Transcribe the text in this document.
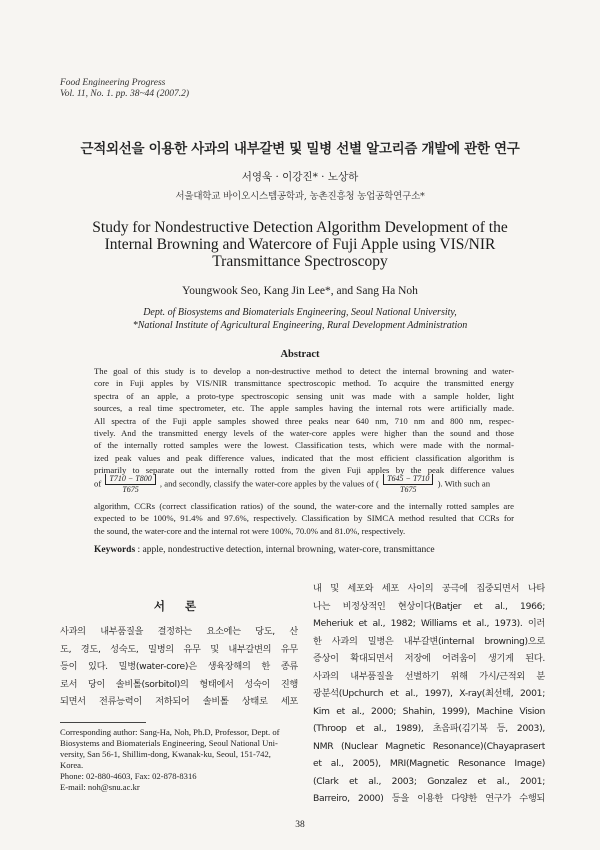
Food Engineering Progress
Vol. 11, No. 1. pp. 38~44 (2007.2)
근적외선을 이용한 사과의 내부갈변 및 밀병 선별 알고리즘 개발에 관한 연구
서영욱 · 이강진* · 노상하
서울대학교 바이오시스템공학과, 농촌진흥청 농업공학연구소*
Study for Nondestructive Detection Algorithm Development of the Internal Browning and Watercore of Fuji Apple using VIS/NIR Transmittance Spectroscopy
Youngwook Seo, Kang Jin Lee*, and Sang Ha Noh
Dept. of Biosystems and Biomaterials Engineering, Seoul National University,
*National Institute of Agricultural Engineering, Rural Development Administration
Abstract
The goal of this study is to develop a non-destructive method to detect the internal browning and water-
core in Fuji apples by VIS/NIR transmittance spectroscopic method. To acquire the transmitted energy
spectra of an apple, a proto-type spectroscopic sensing unit was made with a sample holder, light
sources, a real time spectrometer, etc. The apple samples having the internal rots were artificially made.
All spectra of the Fuji apple samples showed three peaks near 640 nm, 710 nm and 800 nm, respec-
tively. And the transmitted energy levels of the water-core apples were higher than the sound and those
of the internally rotted samples were the lowest. Classification tests, which were made with the normal-
ized peak values and peak difference values, indicated that the most efficient classification algorithm is
primarily to separate out the internally rotted from the given Fuji apples by the peak difference values
of $\frac{T710 - T800}{T675}$ , and secondly, classify the water-core apples by the values of ( $\frac{T645 - T710}{T675}$ ). With such an
algorithm, CCRs (correct classification ratios) of the sound, the water-core and the internally rotted samples are
expected to be 100%, 91.4% and 97.6%, respectively. Classification by SIMCA method resulted that CCRs for
the sound, the water-core and the internal rot were 100%, 70.0% and 81.0%, respectively.
Keywords : apple, nondestructive detection, internal browning, water-core, transmittance
서 론
사과의 내부품질을 결정하는 요소에는 당도, 산
도, 경도, 성숙도, 밀병의 유무 및 내부갈변의 유무
등이 있다. 밀병(water-core)은 생육장해의 한 종류
로서 당이 솔비톨(sorbitol)의 형태에서 성숙이 진행
되면서 전류능력이 저하되어 솔비톨 상태로 세포
Corresponding author: Sang-Ha, Noh, Ph.D, Professor, Dept. of
Biosystems and Biomaterials Engineering, Seoul National Uni-
versity, San 56-1, Shillim-dong, Kwanak-ku, Seoul, 151-742,
Korea.
Phone: 02-880-4603, Fax: 02-878-8316
E-mail: noh@snu.ac.kr
내 및 세포와 세포 사이의 공극에 집중되면서 나타
나는 비정상적인 현상이다(Batjer et al., 1966;
Meheriuk et al., 1982; Williams et al., 1973). 이러
한 사과의 밀병은 내부갈변(internal browning)으로
증상이 확대되면서 저장에 어려움이 생기게 된다.
사과의 내부품질을 선별하기 위해 가시/근적외 분
광분석(Upchurch et al., 1997), X-ray(최선태, 2001;
Kim et al., 2000; Shahin, 1999), Machine Vision
(Throop et al., 1989), 초음파(김기복 등, 2003),
NMR (Nuclear Magnetic Resonance)(Chayaprasert
et al., 2005), MRI(Magnetic Resonance Image)
(Clark et al., 2003; Gonzalez et al., 2001;
Barreiro, 2000) 등을 이용한 다양한 연구가 수행되
38
